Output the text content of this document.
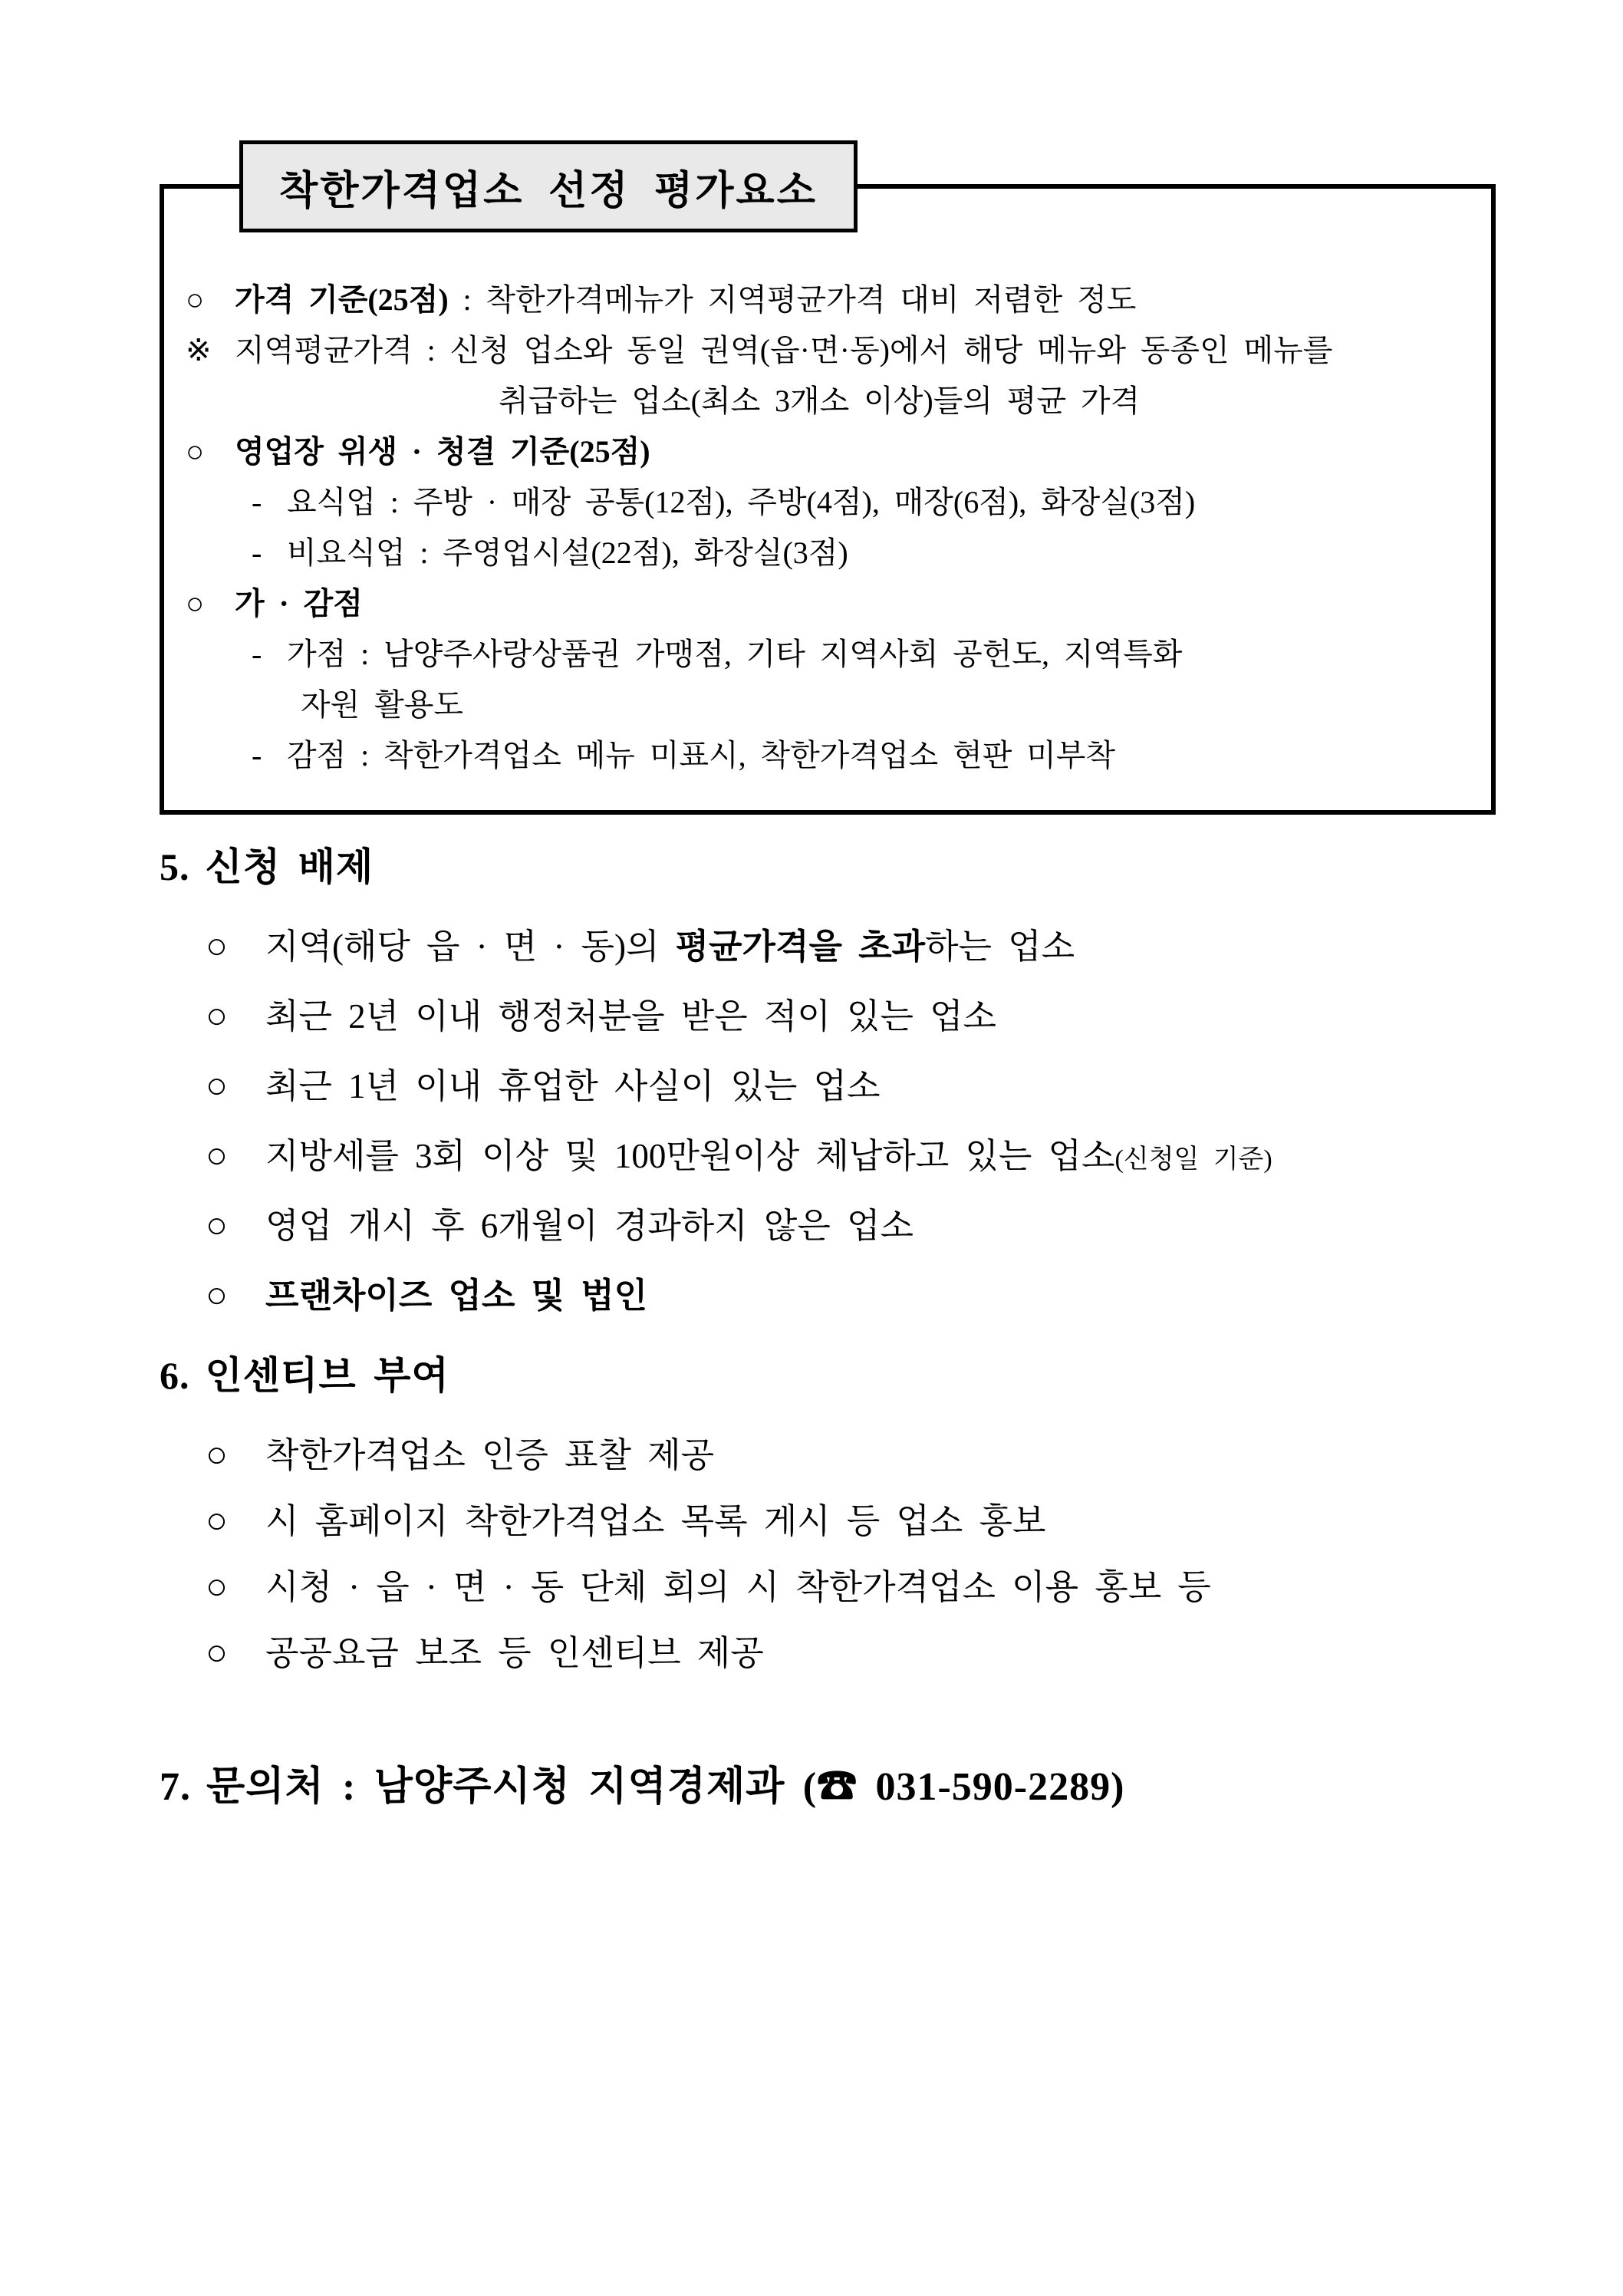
착한가격업소 선정 평가요소
○ 가격 기준(25점) : 착한가격메뉴가 지역평균가격 대비 저렴한 정도
※ 지역평균가격 : 신청 업소와 동일 권역(읍·면·동)에서 해당 메뉴와 동종인 메뉴를
취급하는 업소(최소 3개소 이상)들의 평균 가격
○ 영업장 위생 · 청결 기준(25점)
- 요식업 : 주방 · 매장 공통(12점), 주방(4점), 매장(6점), 화장실(3점)
- 비요식업 : 주영업시설(22점), 화장실(3점)
○ 가 · 감점
- 가점 : 남양주사랑상품권 가맹점, 기타 지역사회 공헌도, 지역특화
자원 활용도
- 감점 : 착한가격업소 메뉴 미표시, 착한가격업소 현판 미부착
5. 신청 배제
○ 지역(해당 읍 · 면 · 동)의 평균가격을 초과하는 업소
○ 최근 2년 이내 행정처분을 받은 적이 있는 업소
○ 최근 1년 이내 휴업한 사실이 있는 업소
○ 지방세를 3회 이상 및 100만원이상 체납하고 있는 업소(신청일 기준)
○ 영업 개시 후 6개월이 경과하지 않은 업소
○ 프랜차이즈 업소 및 법인
6. 인센티브 부여
○ 착한가격업소 인증 표찰 제공
○ 시 홈페이지 착한가격업소 목록 게시 등 업소 홍보
○ 시청 · 읍 · 면 · 동 단체 회의 시 착한가격업소 이용 홍보 등
○ 공공요금 보조 등 인센티브 제공
7. 문의처 : 남양주시청 지역경제과 (☎ 031-590-2289)
